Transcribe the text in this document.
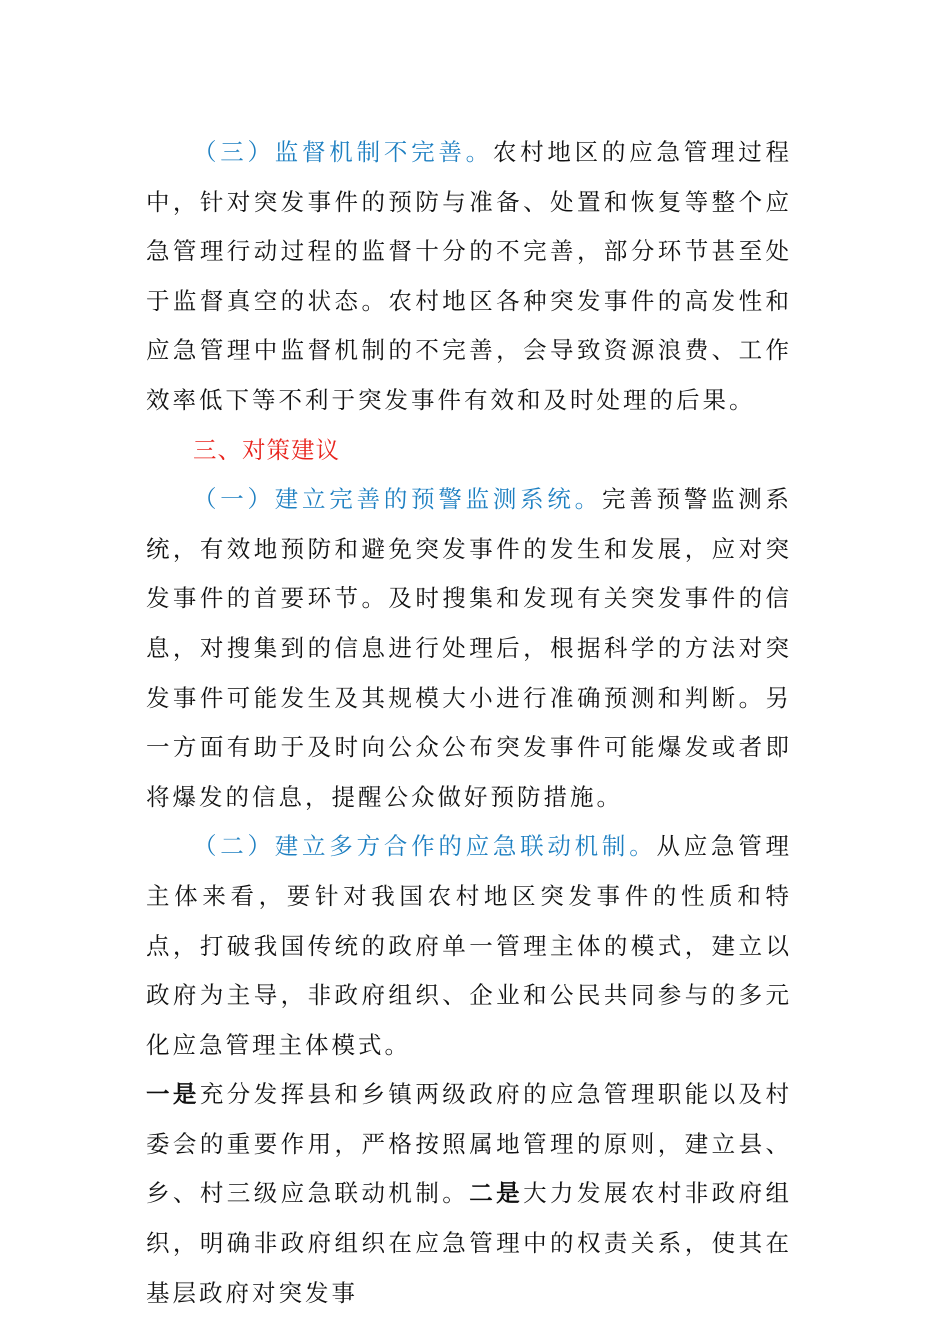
（三）监督机制不完善。农村地区的应急管理过程中，针对突发事件的预防与准备、处置和恢复等整个应急管理行动过程的监督十分的不完善，部分环节甚至处于监督真空的状态。农村地区各种突发事件的高发性和应急管理中监督机制的不完善，会导致资源浪费、工作效率低下等不利于突发事件有效和及时处理的后果。

三、对策建议

（一）建立完善的预警监测系统。完善预警监测系统，有效地预防和避免突发事件的发生和发展，应对突发事件的首要环节。及时搜集和发现有关突发事件的信息，对搜集到的信息进行处理后，根据科学的方法对突发事件可能发生及其规模大小进行准确预测和判断。另一方面有助于及时向公众公布突发事件可能爆发或者即将爆发的信息，提醒公众做好预防措施。

（二）建立多方合作的应急联动机制。从应急管理主体来看，要针对我国农村地区突发事件的性质和特点，打破我国传统的政府单一管理主体的模式，建立以政府为主导，非政府组织、企业和公民共同参与的多元化应急管理主体模式。

一是充分发挥县和乡镇两级政府的应急管理职能以及村委会的重要作用，严格按照属地管理的原则，建立县、乡、村三级应急联动机制。二是大力发展农村非政府组织，明确非政府组织在应急管理中的权责关系，使其在基层政府对突发事
